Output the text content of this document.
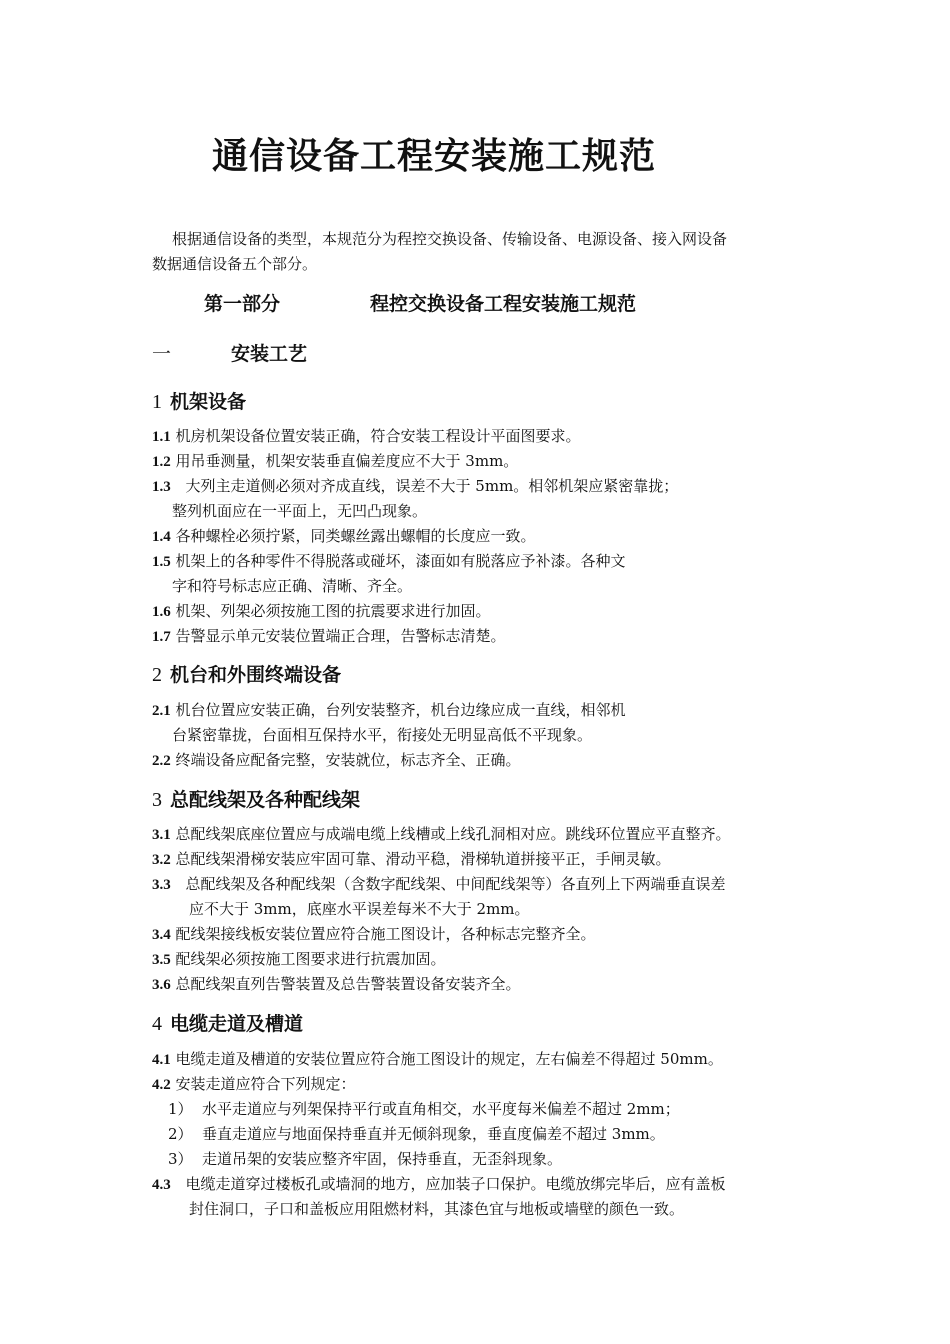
通信设备工程安装施工规范
根据通信设备的类型，本规范分为程控交换设备、传输设备、电源设备、接入网设备
数据通信设备五个部分。
第一部分	程控交换设备工程安装施工规范
一	安装工艺
1 机架设备
1.1 机房机架设备位置安装正确，符合安装工程设计平面图要求。
1.2 用吊垂测量，机架安装垂直偏差度应不大于 3mm。
1.3 大列主走道侧必须对齐成直线，误差不大于 5mm。相邻机架应紧密靠拢；
整列机面应在一平面上，无凹凸现象。
1.4 各种螺栓必须拧紧，同类螺丝露出螺帽的长度应一致。
1.5 机架上的各种零件不得脱落或碰坏，漆面如有脱落应予补漆。各种文
字和符号标志应正确、清晰、齐全。
1.6 机架、列架必须按施工图的抗震要求进行加固。
1.7 告警显示单元安装位置端正合理，告警标志清楚。
2 机台和外围终端设备
2.1 机台位置应安装正确，台列安装整齐，机台边缘应成一直线，相邻机
台紧密靠拢，台面相互保持水平，衔接处无明显高低不平现象。
2.2 终端设备应配备完整，安装就位，标志齐全、正确。
3 总配线架及各种配线架
3.1 总配线架底座位置应与成端电缆上线槽或上线孔洞相对应。跳线环位置应平直整齐。
3.2 总配线架滑梯安装应牢固可靠、滑动平稳，滑梯轨道拼接平正，手闸灵敏。
3.3 总配线架及各种配线架（含数字配线架、中间配线架等）各直列上下两端垂直误差
应不大于 3mm，底座水平误差每米不大于 2mm。
3.4 配线架接线板安装位置应符合施工图设计，各种标志完整齐全。
3.5 配线架必须按施工图要求进行抗震加固。
3.6 总配线架直列告警装置及总告警装置设备安装齐全。
4 电缆走道及槽道
4.1 电缆走道及槽道的安装位置应符合施工图设计的规定，左右偏差不得超过 50mm。
4.2 安装走道应符合下列规定：
1） 水平走道应与列架保持平行或直角相交，水平度每米偏差不超过 2mm；
2） 垂直走道应与地面保持垂直并无倾斜现象，垂直度偏差不超过 3mm。
3） 走道吊架的安装应整齐牢固，保持垂直，无歪斜现象。
4.3 电缆走道穿过楼板孔或墙洞的地方，应加装子口保护。电缆放绑完毕后，应有盖板
封住洞口，子口和盖板应用阻燃材料，其漆色宜与地板或墙壁的颜色一致。
